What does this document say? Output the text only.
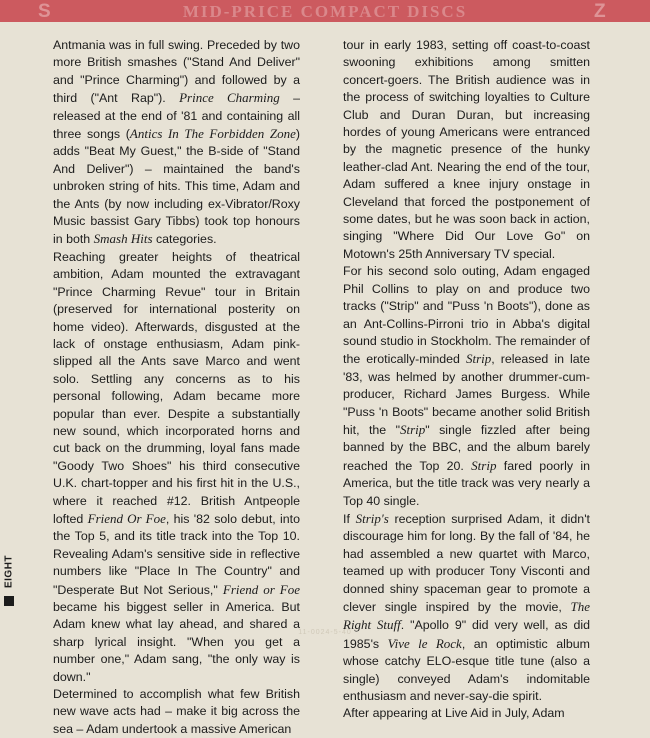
S	MID-PRICE COMPACT DISCS	Z

Antmania was in full swing. Preceded by two more British smashes ("Stand And Deliver" and "Prince Charming") and followed by a third ("Ant Rap"). Prince Charming – released at the end of '81 and containing all three songs (Antics In The Forbidden Zone) adds "Beat My Guest," the B-side of "Stand And Deliver") – maintained the band's unbroken string of hits. This time, Adam and the Ants (by now including ex-Vibrator/Roxy Music bassist Gary Tibbs) took top honours in both Smash Hits categories.

Reaching greater heights of theatrical ambition, Adam mounted the extravagant "Prince Charming Revue" tour in Britain (preserved for international posterity on home video). Afterwards, disgusted at the lack of onstage enthusiasm, Adam pink-slipped all the Ants save Marco and went solo. Settling any concerns as to his personal following, Adam became more popular than ever. Despite a substantially new sound, which incorporated horns and cut back on the drumming, loyal fans made "Goody Two Shoes" his third consecutive U.K. chart-topper and his first hit in the U.S., where it reached #12. British Antpeople lofted Friend Or Foe, his '82 solo debut, into the Top 5, and its title track into the Top 10. Revealing Adam's sensitive side in reflective numbers like "Place In The Country" and "Desperate But Not Serious," Friend or Foe became his biggest seller in America. But Adam knew what lay ahead, and shared a sharp lyrical insight. "When you get a number one," Adam sang, "the only way is down."

Determined to accomplish what few British new wave acts had – make it big across the sea – Adam undertook a massive American

tour in early 1983, setting off coast-to-coast swooning exhibitions among smitten concert-goers. The British audience was in the process of switching loyalties to Culture Club and Duran Duran, but increasing hordes of young Americans were entranced by the magnetic presence of the hunky leather-clad Ant. Nearing the end of the tour, Adam suffered a knee injury onstage in Cleveland that forced the postponement of some dates, but he was soon back in action, singing "Where Did Our Love Go" on Motown's 25th Anniversary TV special.

For his second solo outing, Adam engaged Phil Collins to play on and produce two tracks ("Strip" and "Puss 'n Boots"), done as an Ant-Collins-Pirroni trio in Abba's digital sound studio in Stockholm. The remainder of the erotically-minded Strip, released in late '83, was helmed by another drummer-cum-producer, Richard James Burgess. While "Puss 'n Boots" became another solid British hit, the "Strip" single fizzled after being banned by the BBC, and the album barely reached the Top 20. Strip fared poorly in America, but the title track was very nearly a Top 40 single.

If Strip's reception surprised Adam, it didn't discourage him for long. By the fall of '84, he had assembled a new quartet with Marco, teamed up with producer Tony Visconti and donned shiny spaceman gear to promote a clever single inspired by the movie, The Right Stuff. "Apollo 9" did very well, as did 1985's Vive le Rock, an optimistic album whose catchy ELO-esque title tune (also a single) conveyed Adam's indomitable enthusiasm and never-say-die spirit.

After appearing at Live Aid in July, Adam

EIGHT
11-0024-5-40
